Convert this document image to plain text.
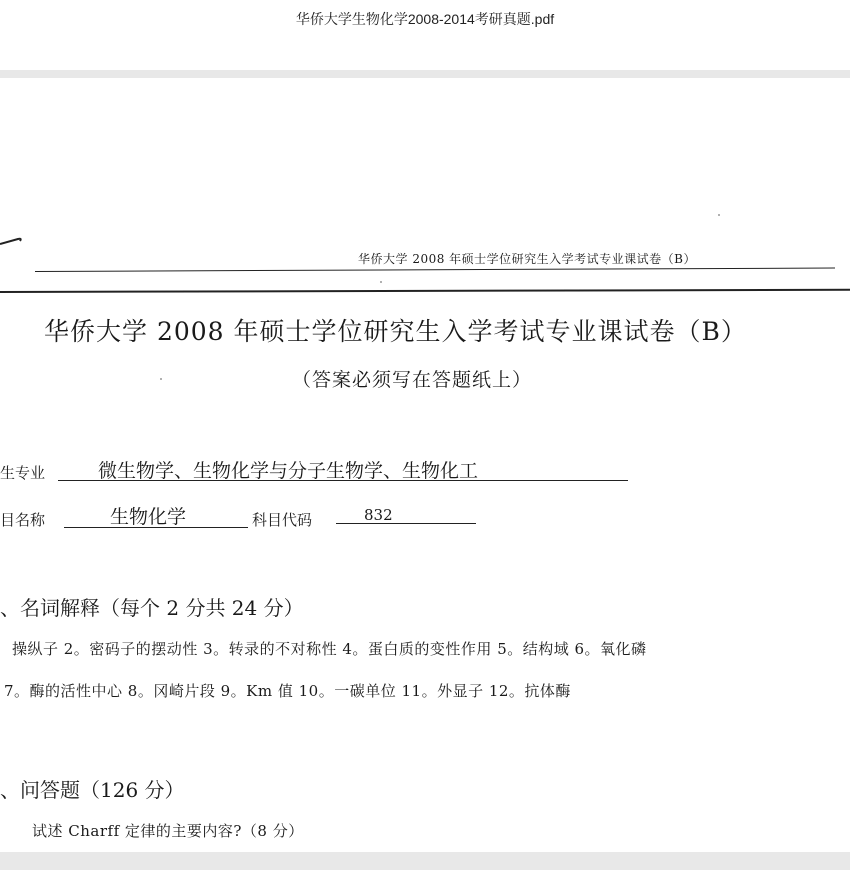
华侨大学生物化学2008-2014考研真题.pdf
华侨大学 2008 年硕士学位研究生入学考试专业课试卷（B）
华侨大学 2008 年硕士学位研究生入学考试专业课试卷（B）
（答案必须写在答题纸上）
生专业	微生物学、生物化学与分子生物学、生物化工
目名称	生物化学	科目代码	832
、名词解释（每个 2 分共 24 分）
操纵子 2。密码子的摆动性 3。转录的不对称性 4。蛋白质的变性作用 5。结构域 6。氧化磷
7。酶的活性中心 8。冈崎片段 9。Km 值 10。一碳单位 11。外显子 12。抗体酶
、问答题（126 分）
试述 Charff 定律的主要内容?（8 分）
